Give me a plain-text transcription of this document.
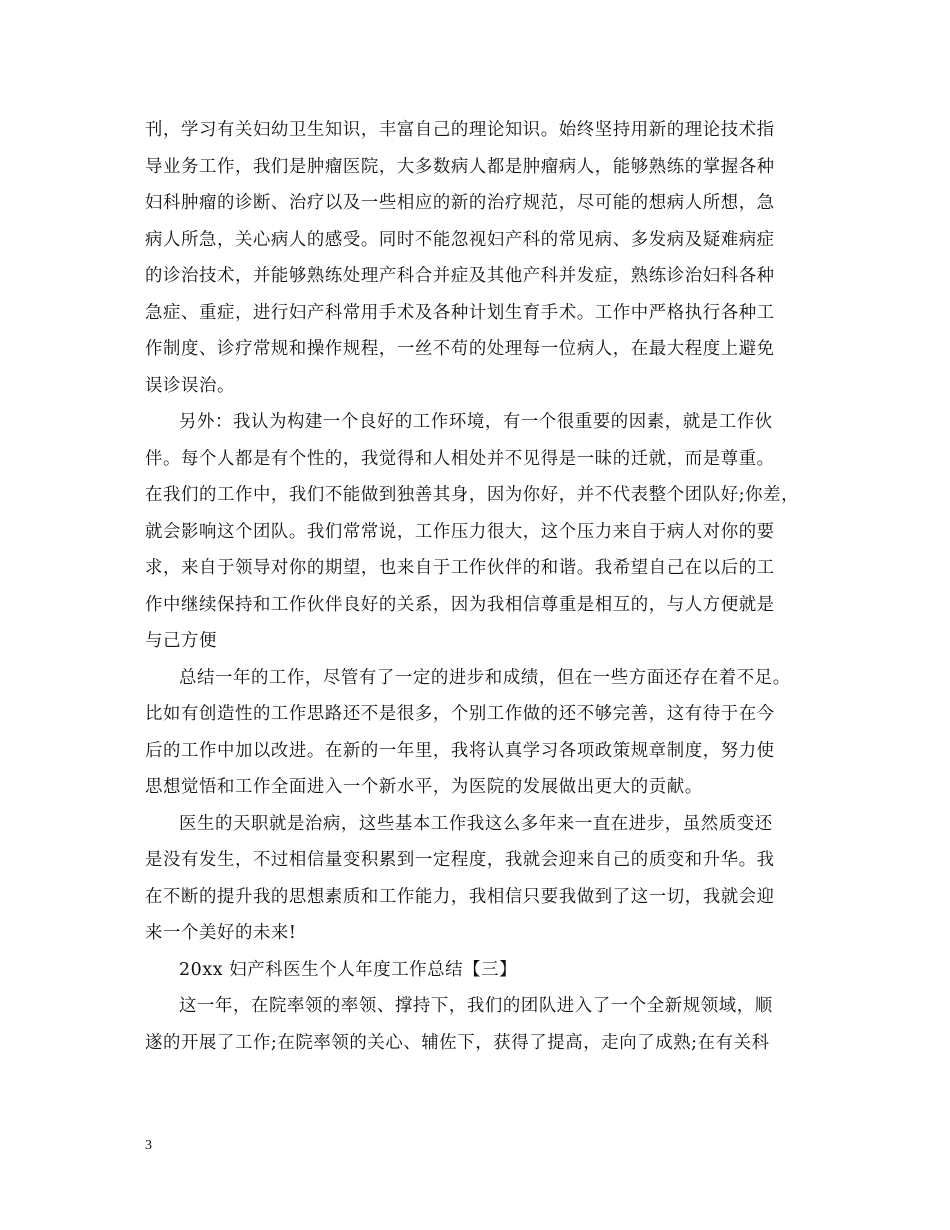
刊，学习有关妇幼卫生知识，丰富自己的理论知识。始终坚持用新的理论技术指
导业务工作，我们是肿瘤医院，大多数病人都是肿瘤病人，能够熟练的掌握各种
妇科肿瘤的诊断、治疗以及一些相应的新的治疗规范，尽可能的想病人所想，急
病人所急，关心病人的感受。同时不能忽视妇产科的常见病、多发病及疑难病症
的诊治技术，并能够熟练处理产科合并症及其他产科并发症，熟练诊治妇科各种
急症、重症，进行妇产科常用手术及各种计划生育手术。工作中严格执行各种工
作制度、诊疗常规和操作规程，一丝不苟的处理每一位病人，在最大程度上避免
误诊误治。
另外：我认为构建一个良好的工作环境，有一个很重要的因素，就是工作伙
伴。每个人都是有个性的，我觉得和人相处并不见得是一昧的迁就，而是尊重。
在我们的工作中，我们不能做到独善其身，因为你好，并不代表整个团队好;你差，
就会影响这个团队。我们常常说，工作压力很大，这个压力来自于病人对你的要
求，来自于领导对你的期望，也来自于工作伙伴的和谐。我希望自己在以后的工
作中继续保持和工作伙伴良好的关系，因为我相信尊重是相互的，与人方便就是
与己方便
总结一年的工作，尽管有了一定的进步和成绩，但在一些方面还存在着不足。
比如有创造性的工作思路还不是很多，个别工作做的还不够完善，这有待于在今
后的工作中加以改进。在新的一年里，我将认真学习各项政策规章制度，努力使
思想觉悟和工作全面进入一个新水平，为医院的发展做出更大的贡献。
医生的天职就是治病，这些基本工作我这么多年来一直在进步，虽然质变还
是没有发生，不过相信量变积累到一定程度，我就会迎来自己的质变和升华。我
在不断的提升我的思想素质和工作能力，我相信只要我做到了这一切，我就会迎
来一个美好的未来!
20xx 妇产科医生个人年度工作总结【三】
这一年，在院率领的率领、撑持下，我们的团队进入了一个全新规领域，顺
遂的开展了工作;在院率领的关心、辅佐下，获得了提高，走向了成熟;在有关科
3
